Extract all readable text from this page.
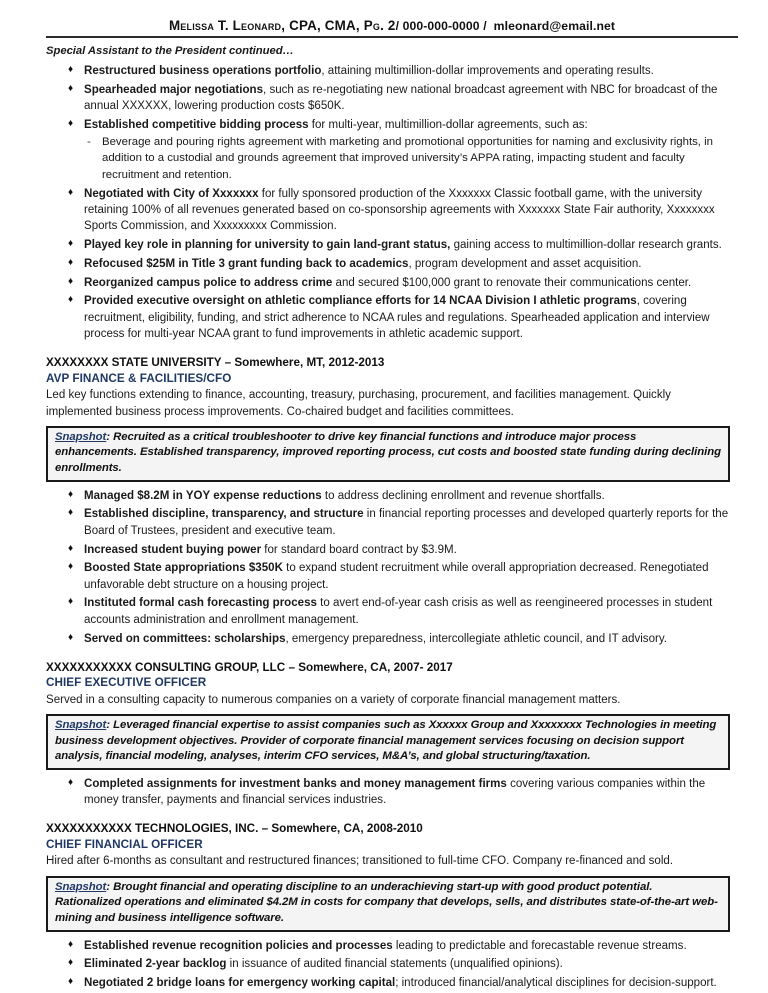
Melissa T. Leonard, CPA, CMA, Pg. 2/ 000-000-0000 / mleonard@email.net
Special Assistant to the President continued…
♦ Restructured business operations portfolio, attaining multimillion-dollar improvements and operating results.
♦ Spearheaded major negotiations, such as re-negotiating new national broadcast agreement with NBC for broadcast of the annual XXXXXX, lowering production costs $650K.
♦ Established competitive bidding process for multi-year, multimillion-dollar agreements, such as:
- Beverage and pouring rights agreement with marketing and promotional opportunities for naming and exclusivity rights, in addition to a custodial and grounds agreement that improved university’s APPA rating, impacting student and faculty recruitment and retention.
♦ Negotiated with City of Xxxxxxx for fully sponsored production of the Xxxxxxx Classic football game, with the university retaining 100% of all revenues generated based on co-sponsorship agreements with Xxxxxxx State Fair authority, Xxxxxxxx Sports Commission, and Xxxxxxxxx Commission.
♦ Played key role in planning for university to gain land-grant status, gaining access to multimillion-dollar research grants.
♦ Refocused $25M in Title 3 grant funding back to academics, program development and asset acquisition.
♦ Reorganized campus police to address crime and secured $100,000 grant to renovate their communications center.
♦ Provided executive oversight on athletic compliance efforts for 14 NCAA Division I athletic programs, covering recruitment, eligibility, funding, and strict adherence to NCAA rules and regulations. Spearheaded application and interview process for multi-year NCAA grant to fund improvements in athletic academic support.
XXXXXXXX STATE UNIVERSITY – Somewhere, MT, 2012-2013
AVP FINANCE & FACILITIES/CFO
Led key functions extending to finance, accounting, treasury, purchasing, procurement, and facilities management. Quickly implemented business process improvements. Co-chaired budget and facilities committees.

Snapshot: Recruited as a critical troubleshooter to drive key financial functions and introduce major process enhancements. Established transparency, improved reporting process, cut costs and boosted state funding during declining enrollments.

♦ Managed $8.2M in YOY expense reductions to address declining enrollment and revenue shortfalls.
♦ Established discipline, transparency, and structure in financial reporting processes and developed quarterly reports for the Board of Trustees, president and executive team.
♦ Increased student buying power for standard board contract by $3.9M.
♦ Boosted State appropriations $350K to expand student recruitment while overall appropriation decreased. Renegotiated unfavorable debt structure on a housing project.
♦ Instituted formal cash forecasting process to avert end-of-year cash crisis as well as reengineered processes in student accounts administration and enrollment management.
♦ Served on committees: scholarships, emergency preparedness, intercollegiate athletic council, and IT advisory.
XXXXXXXXXXX CONSULTING GROUP, LLC – Somewhere, CA, 2007- 2017
CHIEF EXECUTIVE OFFICER
Served in a consulting capacity to numerous companies on a variety of corporate financial management matters.

Snapshot: Leveraged financial expertise to assist companies such as Xxxxxx Group and Xxxxxxxx Technologies in meeting business development objectives. Provider of corporate financial management services focusing on decision support analysis, financial modeling, analyses, interim CFO services, M&A’s, and global structuring/taxation.

♦ Completed assignments for investment banks and money management firms covering various companies within the money transfer, payments and financial services industries.
XXXXXXXXXXX TECHNOLOGIES, INC. – Somewhere, CA, 2008-2010
CHIEF FINANCIAL OFFICER
Hired after 6-months as consultant and restructured finances; transitioned to full-time CFO. Company re-financed and sold.

Snapshot: Brought financial and operating discipline to an underachieving start-up with good product potential. Rationalized operations and eliminated $4.2M in costs for company that develops, sells, and distributes state-of-the-art web-mining and business intelligence software.

♦ Established revenue recognition policies and processes leading to predictable and forecastable revenue streams.
♦ Eliminated 2-year backlog in issuance of audited financial statements (unqualified opinions).
♦ Negotiated 2 bridge loans for emergency working capital; introduced financial/analytical disciplines for decision-support.
